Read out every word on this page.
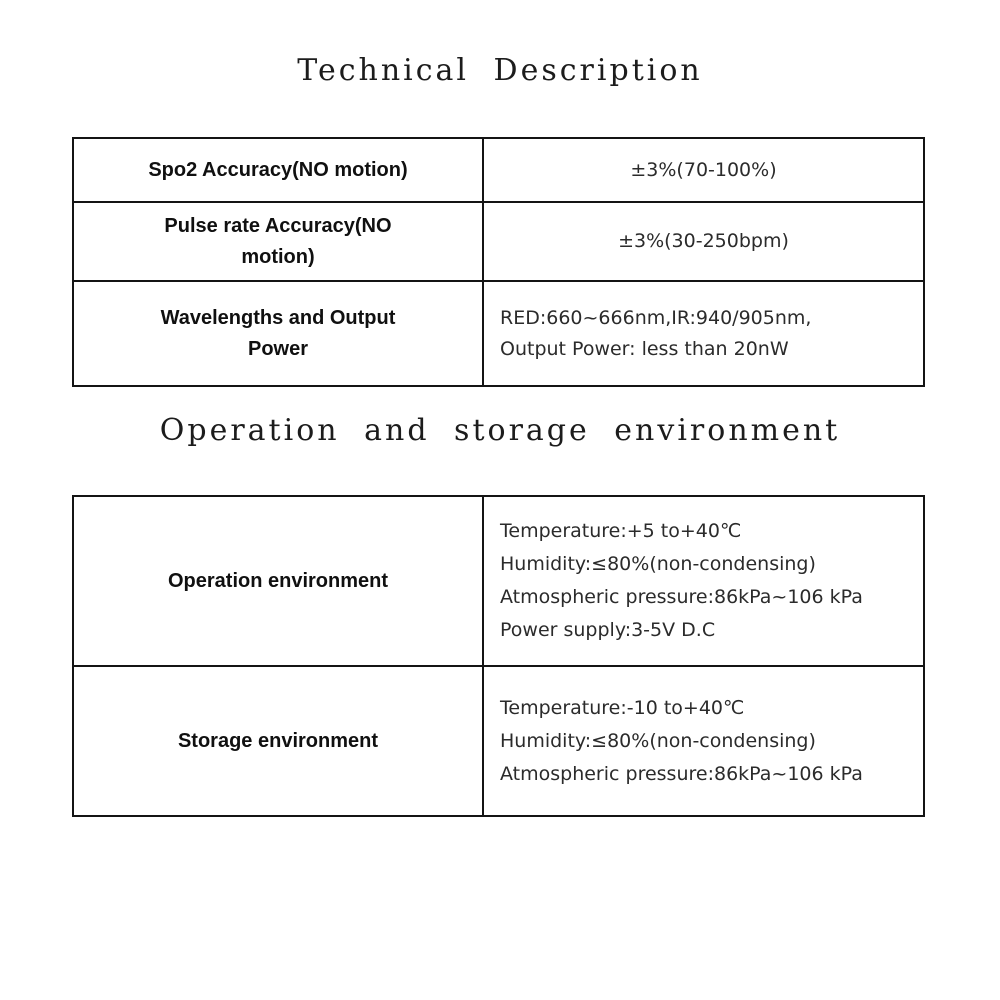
Technical Description
Spo2 Accuracy(NO motion)	±3%(70-100%)

Pulse rate Accuracy(NO
motion)	±3%(30-250bpm)

Wavelengths and Output
Power	RED:660~666nm,IR:940/905nm,
Output Power: less than 20nW
Operation and storage environment
Operation environment	Temperature:+5 to+40℃
Humidity:≤80%(non-condensing)
Atmospheric pressure:86kPa~106 kPa
Power supply:3-5V D.C

Storage environment	Temperature:-10 to+40℃
Humidity:≤80%(non-condensing)
Atmospheric pressure:86kPa~106 kPa
